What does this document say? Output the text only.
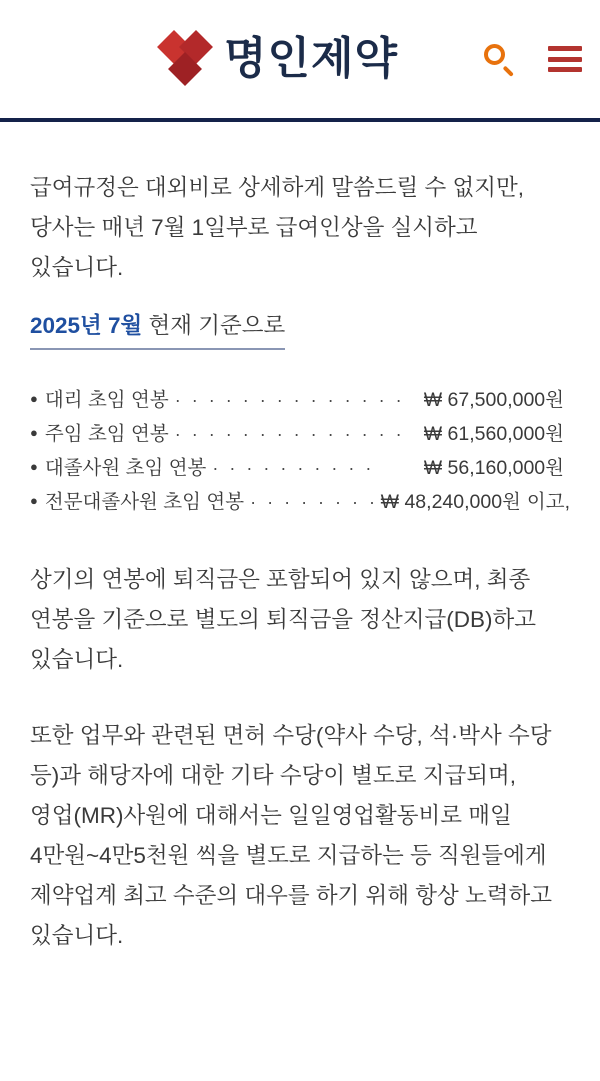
명인제약

급여규정은 대외비로 상세하게 말씀드릴 수 없지만, 당사는 매년 7월 1일부로 급여인상을 실시하고 있습니다.

2025년 7월 현재 기준으로
● 대리 초임 연봉 · · · · · · · · · · · · · · ₩ 67,500,000원
● 주임 초임 연봉 · · · · · · · · · · · · · · ₩ 61,560,000원
● 대졸사원 초임 연봉 · · · · · · · · · ·	₩ 56,160,000원
● 전문대졸사원 초임 연봉 · · · · · · · · ₩ 48,240,000원 이고,

상기의 연봉에 퇴직금은 포함되어 있지 않으며, 최종 연봉을 기준으로 별도의 퇴직금을 정산지급(DB)하고

있습니다.

또한 업무와 관련된 면허 수당(약사 수당, 석·박사 수당 등)과 해당자에 대한 기타 수당이 별도로 지급되며,

영업(MR)사원에 대해서는 일일영업활동비로 매일 4만원~4만5천원 씩을 별도로 지급하는 등 직원들에게

제약업계 최고 수준의 대우를 하기 위해 항상 노력하고 있습니다.
